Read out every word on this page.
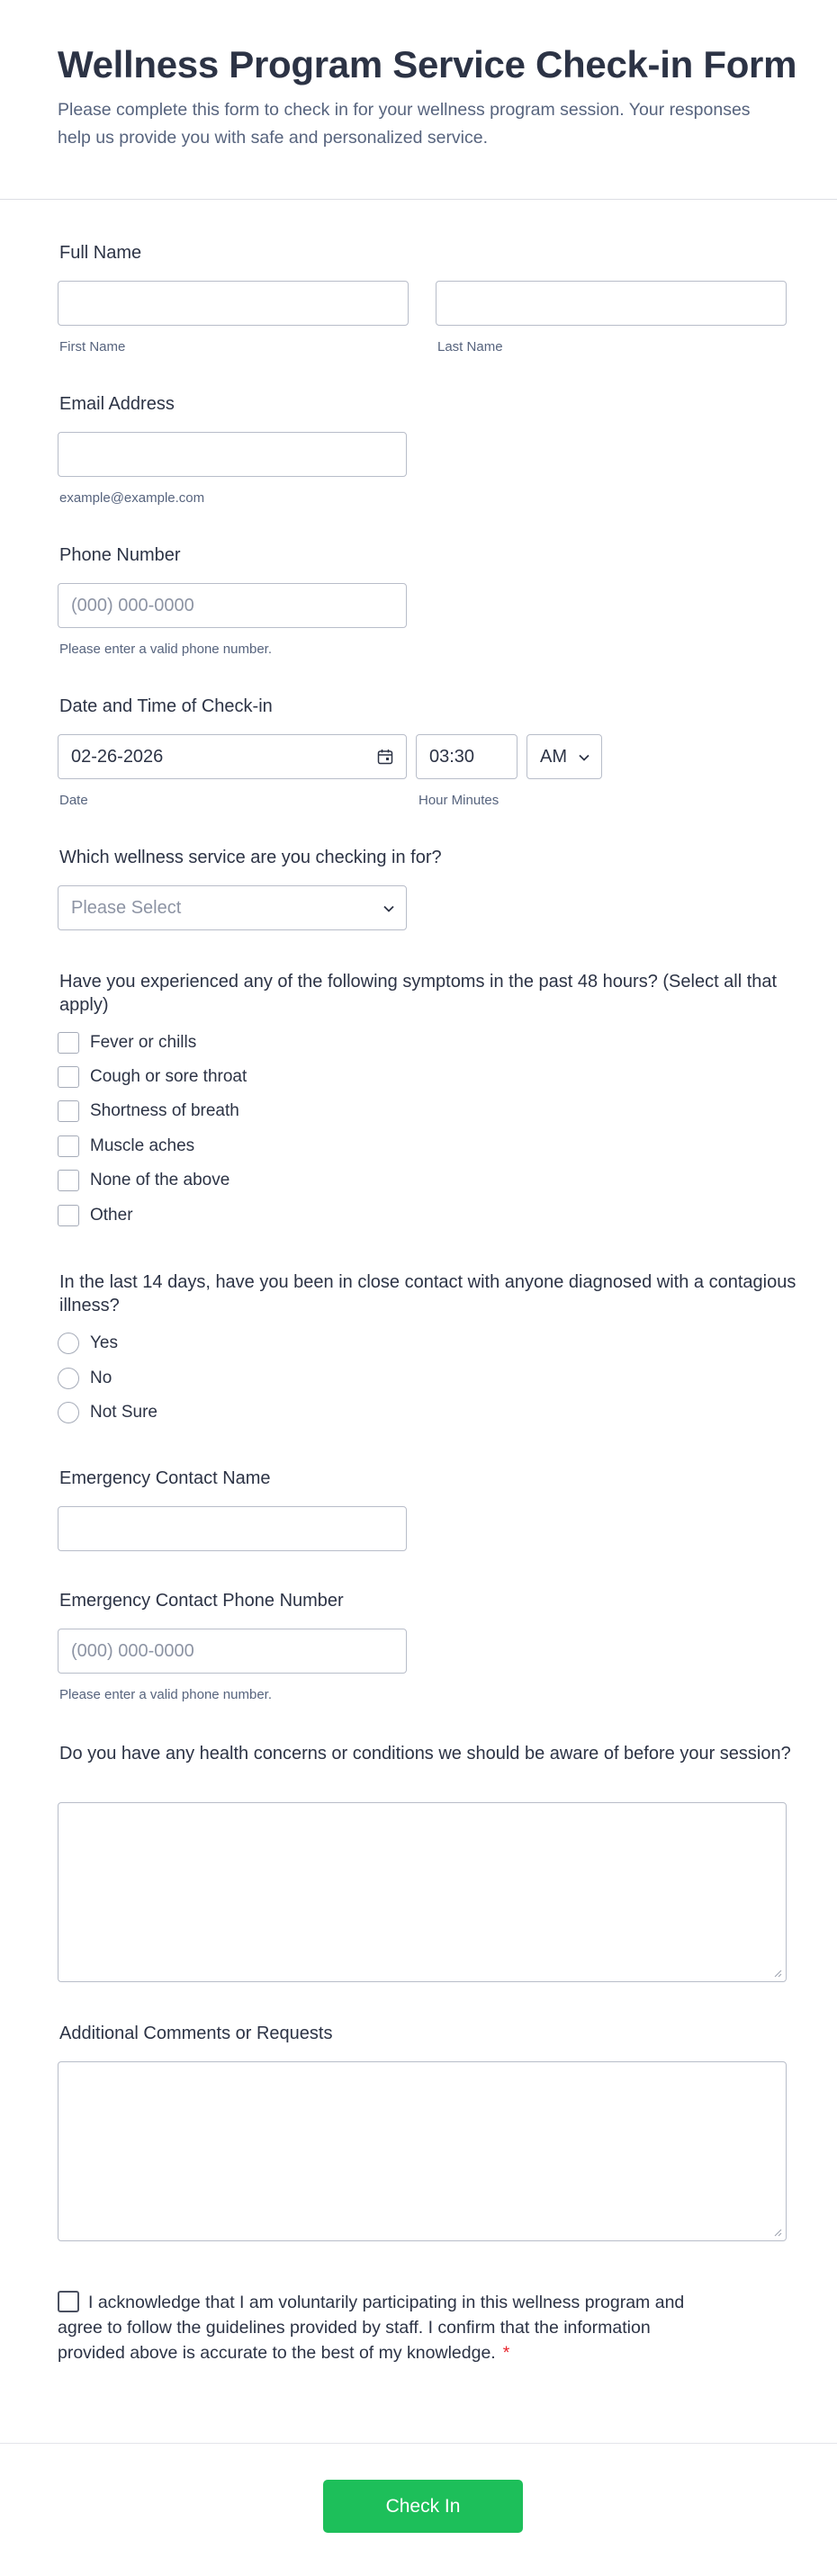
Wellness Program Service Check-in Form
Please complete this form to check in for your wellness program session. Your responses help us provide you with safe and personalized service.
Full Name
First Name	Last Name
Email Address
example@example.com
Phone Number
(000) 000-0000
Please enter a valid phone number.
Date and Time of Check-in
02-26-2026	03:30	AM
Date	Hour Minutes
Which wellness service are you checking in for?
Please Select
Have you experienced any of the following symptoms in the past 48 hours? (Select all that apply)
Fever or chills
Cough or sore throat
Shortness of breath
Muscle aches
None of the above
Other
In the last 14 days, have you been in close contact with anyone diagnosed with a contagious illness?
Yes
No
Not Sure
Emergency Contact Name
Emergency Contact Phone Number
(000) 000-0000
Please enter a valid phone number.
Do you have any health concerns or conditions we should be aware of before your session?
Additional Comments or Requests
I acknowledge that I am voluntarily participating in this wellness program and agree to follow the guidelines provided by staff. I confirm that the information provided above is accurate to the best of my knowledge. *
Check In
